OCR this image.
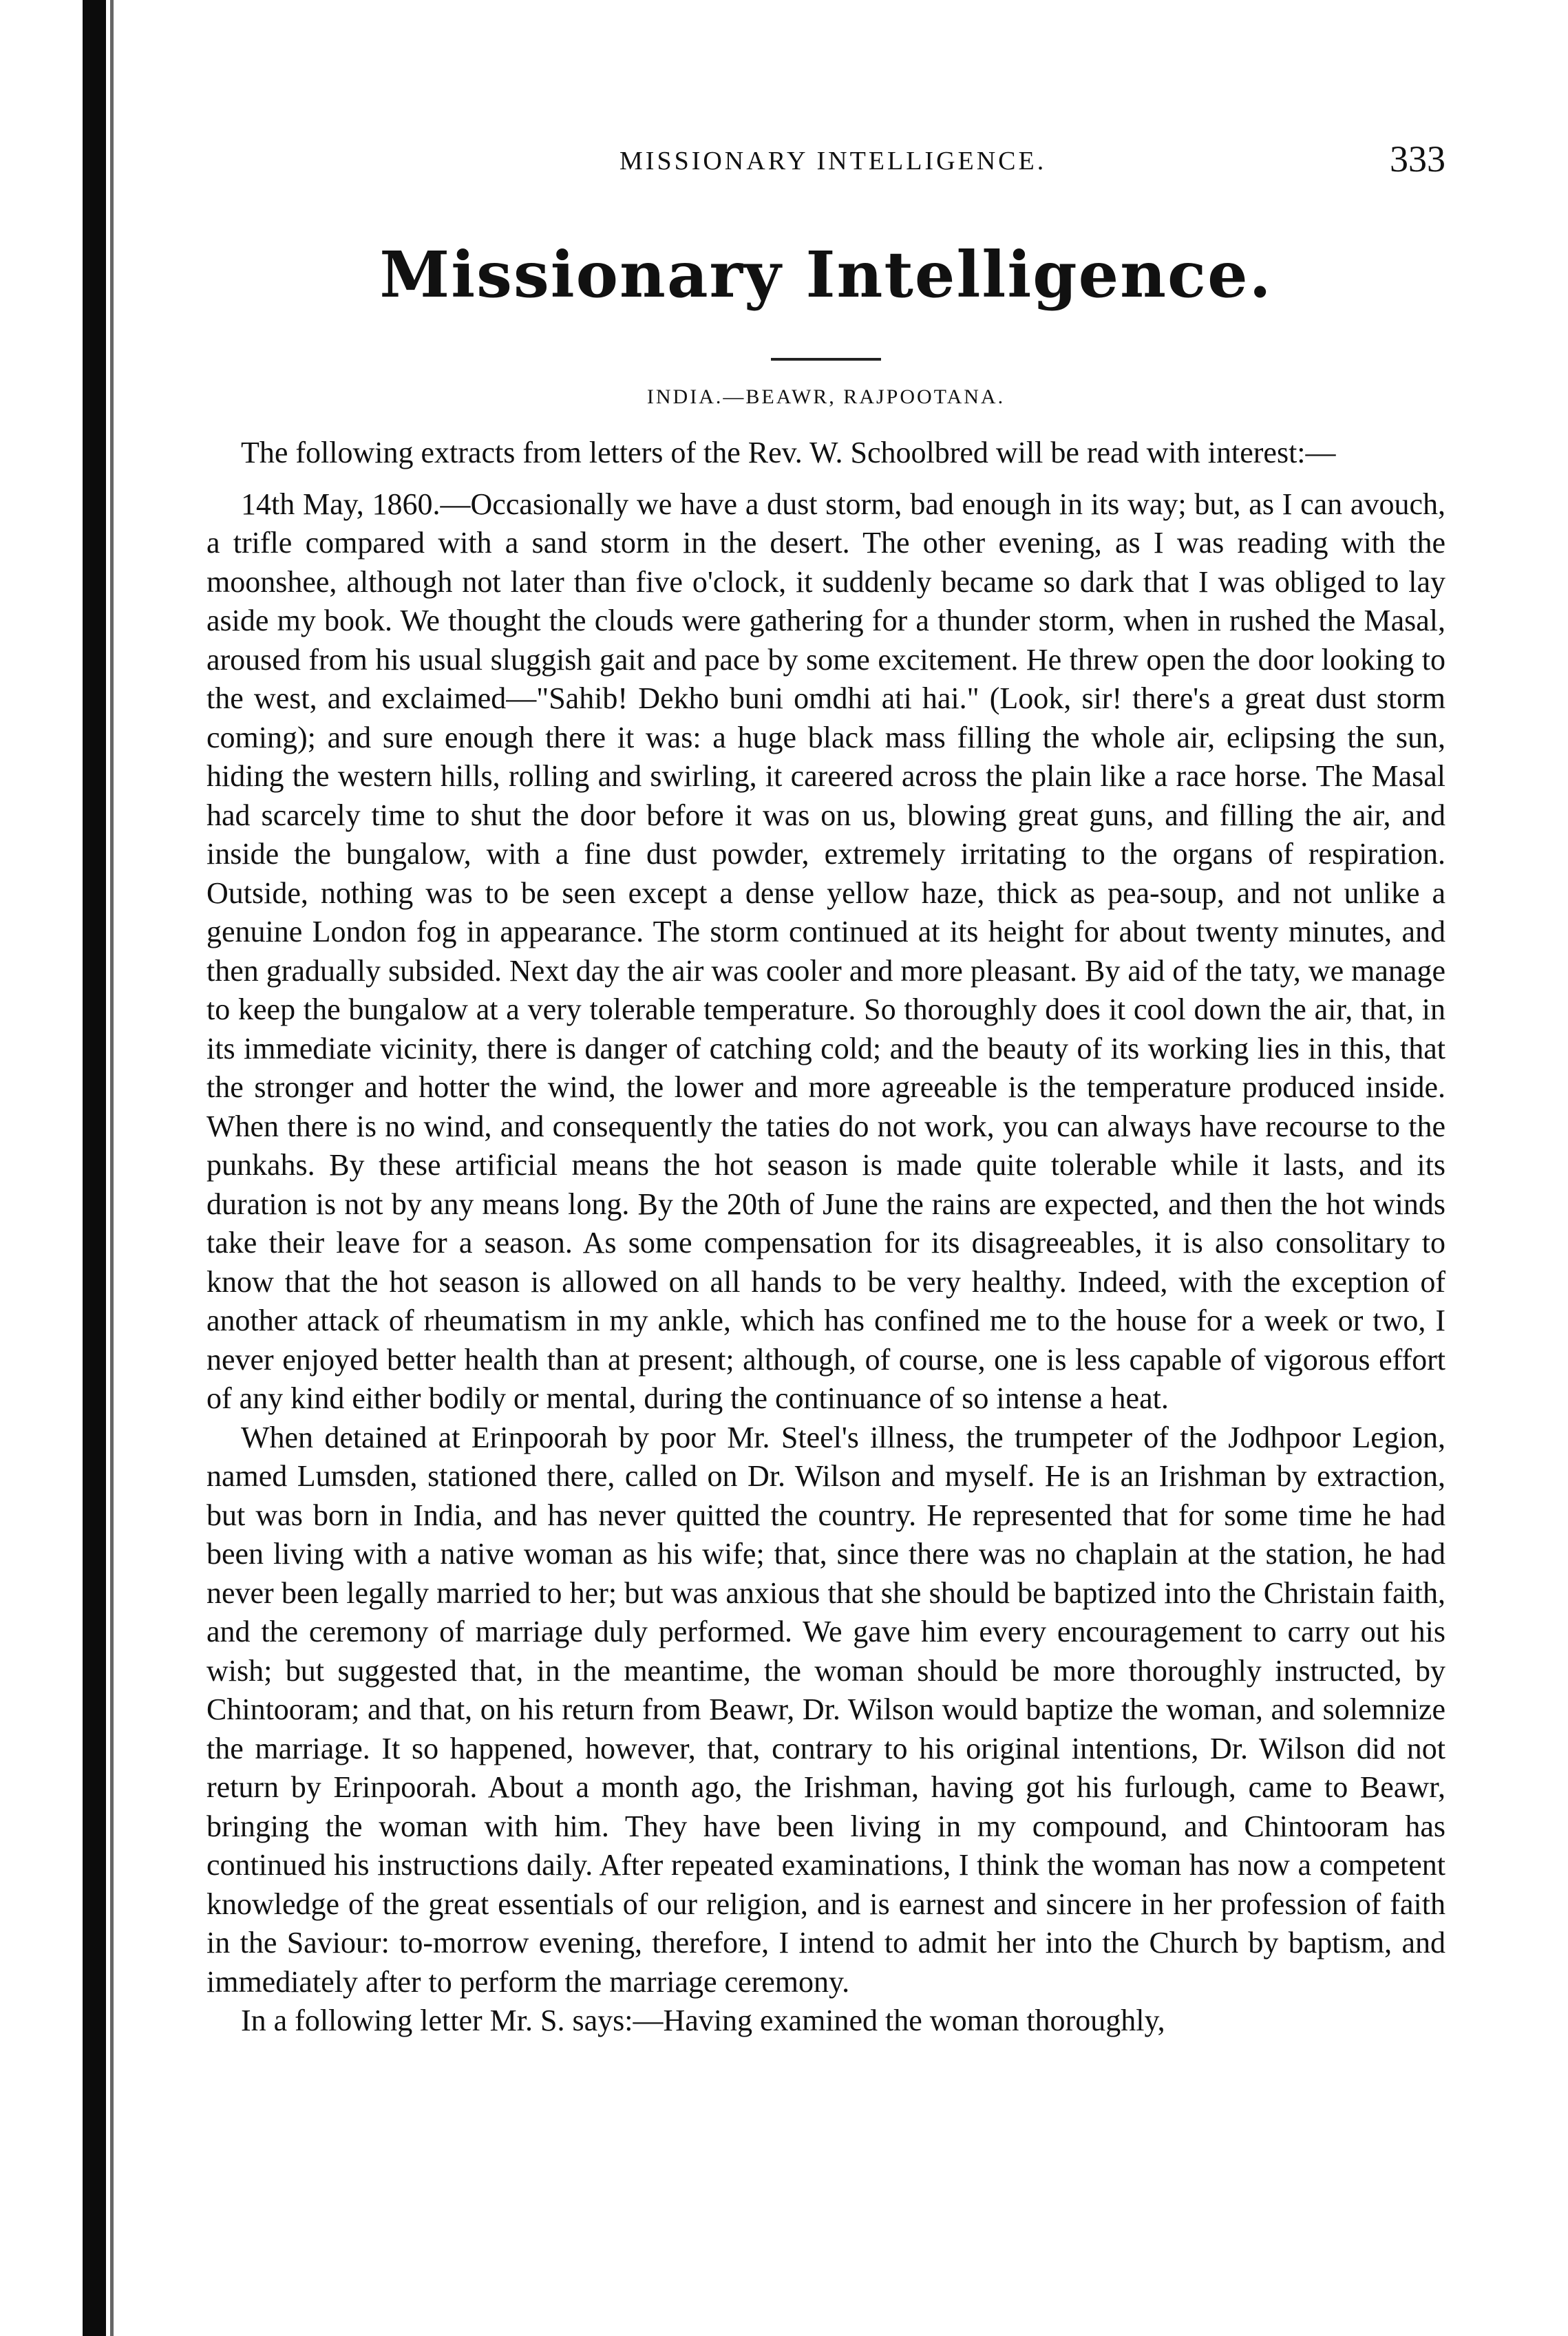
MISSIONARY INTELLIGENCE.	333
Missionary Intelligence.
INDIA.—BEAWR, RAJPOOTANA.

The following extracts from letters of the Rev. W. Schoolbred will be read with interest:—

14th May, 1860.—Occasionally we have a dust storm, bad enough in its way; but, as I can avouch, a trifle compared with a sand storm in the desert. The other evening, as I was reading with the moonshee, although not later than five o'clock, it suddenly became so dark that I was obliged to lay aside my book. We thought the clouds were gathering for a thunder storm, when in rushed the Masal, aroused from his usual sluggish gait and pace by some excitement. He threw open the door looking to the west, and exclaimed—"Sahib! Dekho buni omdhi ati hai." (Look, sir! there's a great dust storm coming); and sure enough there it was: a huge black mass filling the whole air, eclipsing the sun, hiding the western hills, rolling and swirling, it careered across the plain like a race horse. The Masal had scarcely time to shut the door before it was on us, blowing great guns, and filling the air, and inside the bungalow, with a fine dust powder, extremely irritating to the organs of respiration. Outside, nothing was to be seen except a dense yellow haze, thick as pea-soup, and not unlike a genuine London fog in appearance. The storm continued at its height for about twenty minutes, and then gradually subsided. Next day the air was cooler and more pleasant. By aid of the taty, we manage to keep the bungalow at a very tolerable temperature. So thoroughly does it cool down the air, that, in its immediate vicinity, there is danger of catching cold; and the beauty of its working lies in this, that the stronger and hotter the wind, the lower and more agreeable is the temperature produced inside. When there is no wind, and consequently the taties do not work, you can always have recourse to the punkahs. By these artificial means the hot season is made quite tolerable while it lasts, and its duration is not by any means long. By the 20th of June the rains are expected, and then the hot winds take their leave for a season. As some compensation for its disagreeables, it is also consolitary to know that the hot season is allowed on all hands to be very healthy. Indeed, with the exception of another attack of rheumatism in my ankle, which has confined me to the house for a week or two, I never enjoyed better health than at present; although, of course, one is less capable of vigorous effort of any kind either bodily or mental, during the continuance of so intense a heat.

When detained at Erinpoorah by poor Mr. Steel's illness, the trumpeter of the Jodhpoor Legion, named Lumsden, stationed there, called on Dr. Wilson and myself. He is an Irishman by extraction, but was born in India, and has never quitted the country. He represented that for some time he had been living with a native woman as his wife; that, since there was no chaplain at the station, he had never been legally married to her; but was anxious that she should be baptized into the Christain faith, and the ceremony of marriage duly performed. We gave him every encouragement to carry out his wish; but suggested that, in the meantime, the woman should be more thoroughly instructed, by Chintooram; and that, on his return from Beawr, Dr. Wilson would baptize the woman, and solemnize the marriage. It so happened, however, that, contrary to his original intentions, Dr. Wilson did not return by Erinpoorah. About a month ago, the Irishman, having got his furlough, came to Beawr, bringing the woman with him. They have been living in my compound, and Chintooram has continued his instructions daily. After repeated examinations, I think the woman has now a competent knowledge of the great essentials of our religion, and is earnest and sincere in her profession of faith in the Saviour: to-morrow evening, therefore, I intend to admit her into the Church by baptism, and immediately after to perform the marriage ceremony.

In a following letter Mr. S. says:—Having examined the woman thoroughly,
